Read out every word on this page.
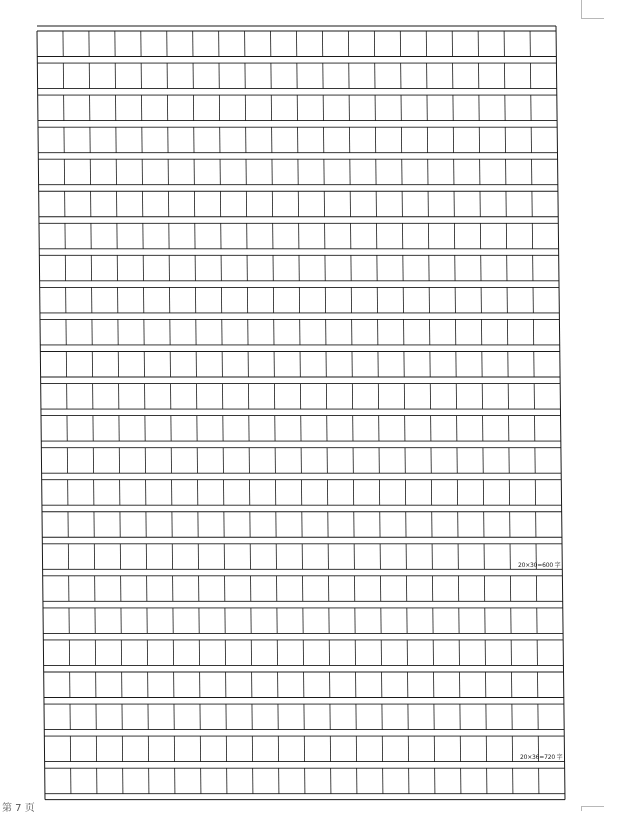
20×30=600 字
20×36=720 字
第 7 页
